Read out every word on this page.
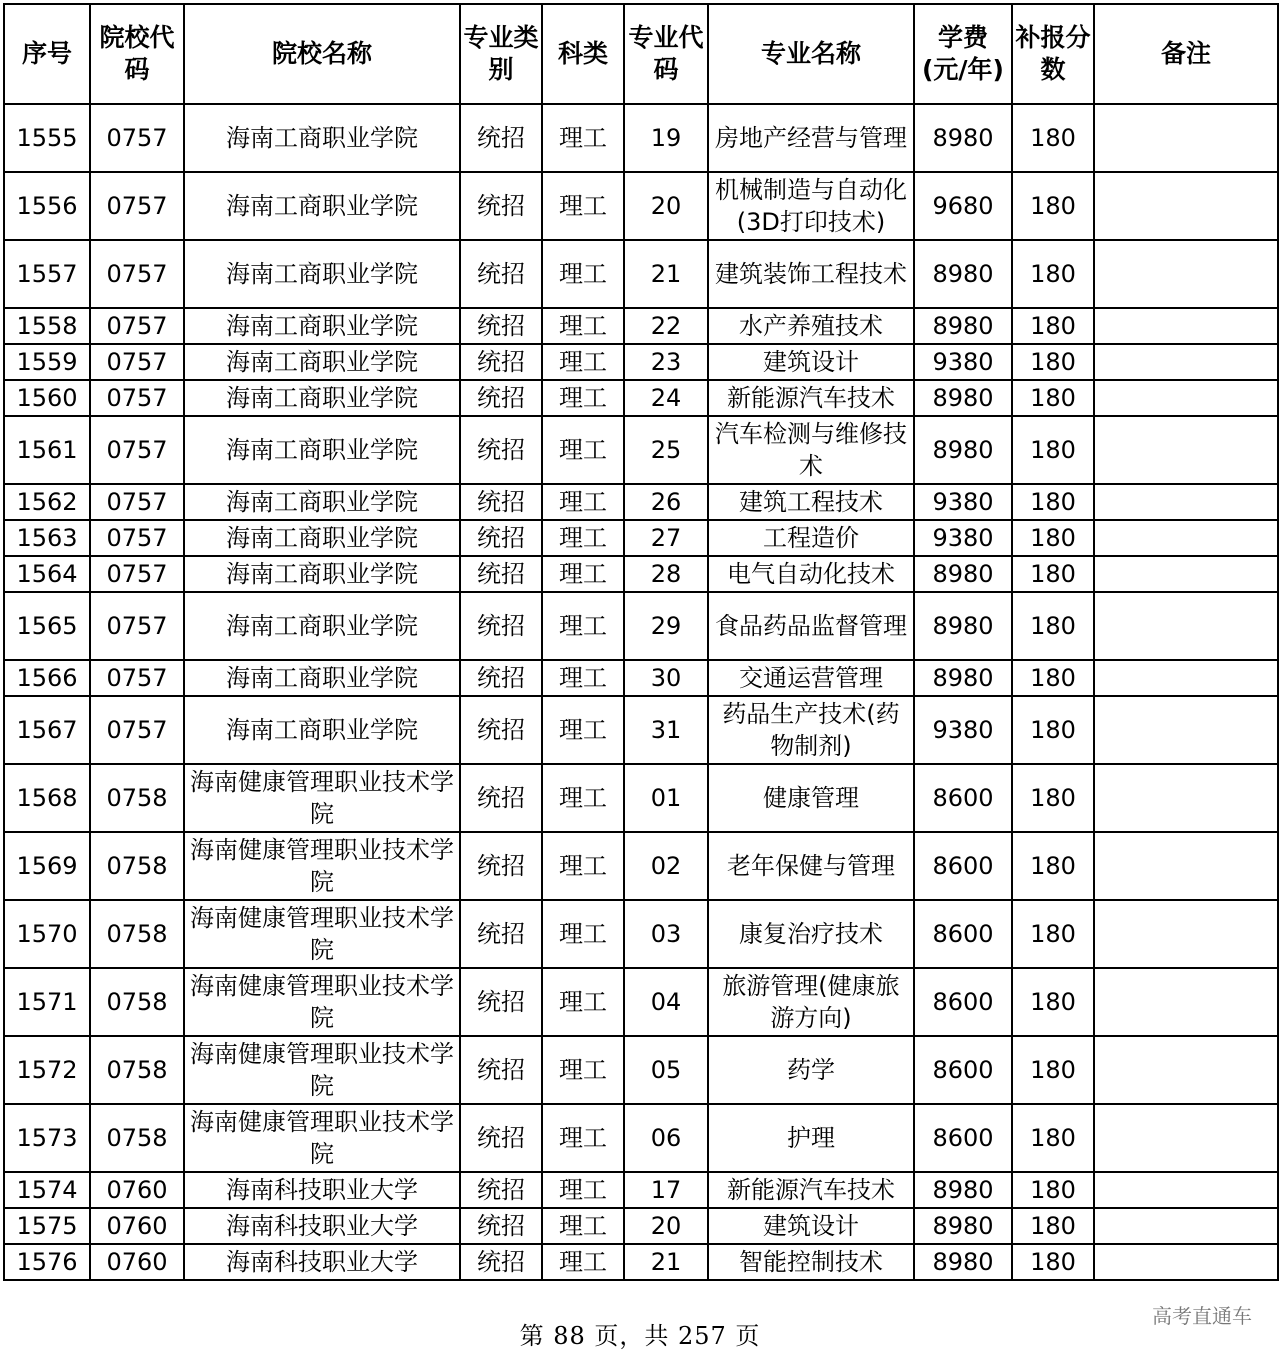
序号	院校代码	院校名称	专业类别	科类	专业代码	专业名称	学费(元/年)	补报分数	备注
1555	0757	海南工商职业学院	统招	理工	19	房地产经营与管理	8980	180	
1556	0757	海南工商职业学院	统招	理工	20	机械制造与自动化(3D打印技术)	9680	180	
1557	0757	海南工商职业学院	统招	理工	21	建筑装饰工程技术	8980	180	
1558	0757	海南工商职业学院	统招	理工	22	水产养殖技术	8980	180	
1559	0757	海南工商职业学院	统招	理工	23	建筑设计	9380	180	
1560	0757	海南工商职业学院	统招	理工	24	新能源汽车技术	8980	180	
1561	0757	海南工商职业学院	统招	理工	25	汽车检测与维修技术	8980	180	
1562	0757	海南工商职业学院	统招	理工	26	建筑工程技术	9380	180	
1563	0757	海南工商职业学院	统招	理工	27	工程造价	9380	180	
1564	0757	海南工商职业学院	统招	理工	28	电气自动化技术	8980	180	
1565	0757	海南工商职业学院	统招	理工	29	食品药品监督管理	8980	180	
1566	0757	海南工商职业学院	统招	理工	30	交通运营管理	8980	180	
1567	0757	海南工商职业学院	统招	理工	31	药品生产技术(药物制剂)	9380	180	
1568	0758	海南健康管理职业技术学院	统招	理工	01	健康管理	8600	180	
1569	0758	海南健康管理职业技术学院	统招	理工	02	老年保健与管理	8600	180	
1570	0758	海南健康管理职业技术学院	统招	理工	03	康复治疗技术	8600	180	
1571	0758	海南健康管理职业技术学院	统招	理工	04	旅游管理(健康旅游方向)	8600	180	
1572	0758	海南健康管理职业技术学院	统招	理工	05	药学	8600	180	
1573	0758	海南健康管理职业技术学院	统招	理工	06	护理	8600	180	
1574	0760	海南科技职业大学	统招	理工	17	新能源汽车技术	8980	180	
1575	0760	海南科技职业大学	统招	理工	20	建筑设计	8980	180	
1576	0760	海南科技职业大学	统招	理工	21	智能控制技术	8980	180	
第 88 页，共 257 页
高考直通车
